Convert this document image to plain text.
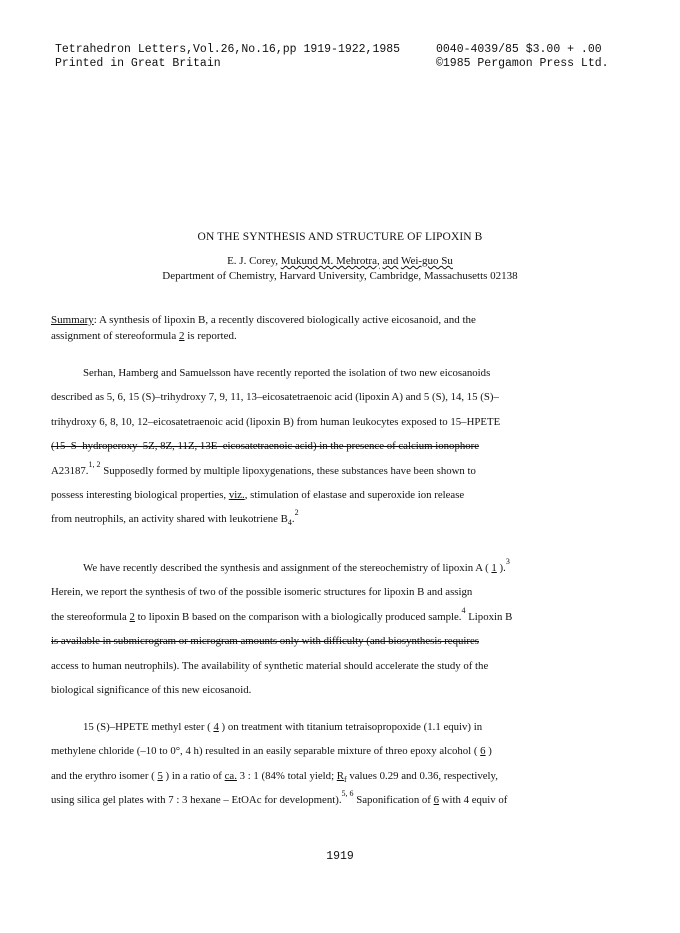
Tetrahedron Letters,Vol.26,No.16,pp 1919-1922,1985
Printed in Great Britain
0040-4039/85 $3.00 + .00
©1985 Pergamon Press Ltd.
ON THE SYNTHESIS AND STRUCTURE OF LIPOXIN B
E. J. Corey, Mukund M. Mehrotra, and Wei-guo Su
Department of Chemistry, Harvard University, Cambridge, Massachusetts 02138
Summary: A synthesis of lipoxin B, a recently discovered biologically active eicosanoid, and the
assignment of stereoformula 2 is reported.
Serhan, Hamberg and Samuelsson have recently reported the isolation of two new eicosanoids
described as 5, 6, 15 (S)–trihydroxy 7, 9, 11, 13–eicosatetraenoic acid (lipoxin A) and 5 (S), 14, 15 (S)–
trihydroxy 6, 8, 10, 12–eicosatetraenoic acid (lipoxin B) from human leukocytes exposed to 15–HPETE
(15–S–hydroperoxy–5Z, 8Z, 11Z, 13E–eicosatetraenoic acid) in the presence of calcium ionophore
A23187.$^{1, 2}$ Supposedly formed by multiple lipoxygenations, these substances have been shown to
possess interesting biological properties, viz., stimulation of elastase and superoxide ion release
from neutrophils, an activity shared with leukotriene $B_4.^2$
We have recently described the synthesis and assignment of the stereochemistry of lipoxin A ( 1 ).$^3$
Herein, we report the synthesis of two of the possible isomeric structures for lipoxin B and assign
the stereoformula 2 to lipoxin B based on the comparison with a biologically produced sample.$^4$ Lipoxin B
is available in submicrogram or microgram amounts only with difficulty (and biosynthesis requires
access to human neutrophils). The availability of synthetic material should accelerate the study of the
biological significance of this new eicosanoid.
15 (S)–HPETE methyl ester ( 4 ) on treatment with titanium tetraisopropoxide (1.1 equiv) in
methylene chloride (–10 to 0°, 4 h) resulted in an easily separable mixture of threo epoxy alcohol ( 6 )
and the erythro isomer ( 5 ) in a ratio of ca. 3 : 1 (84% total yield; $R_f$ values 0.29 and 0.36, respectively,
using silica gel plates with 7 : 3 hexane – EtOAc for development).$^{5, 6}$ Saponification of 6 with 4 equiv of
1919
